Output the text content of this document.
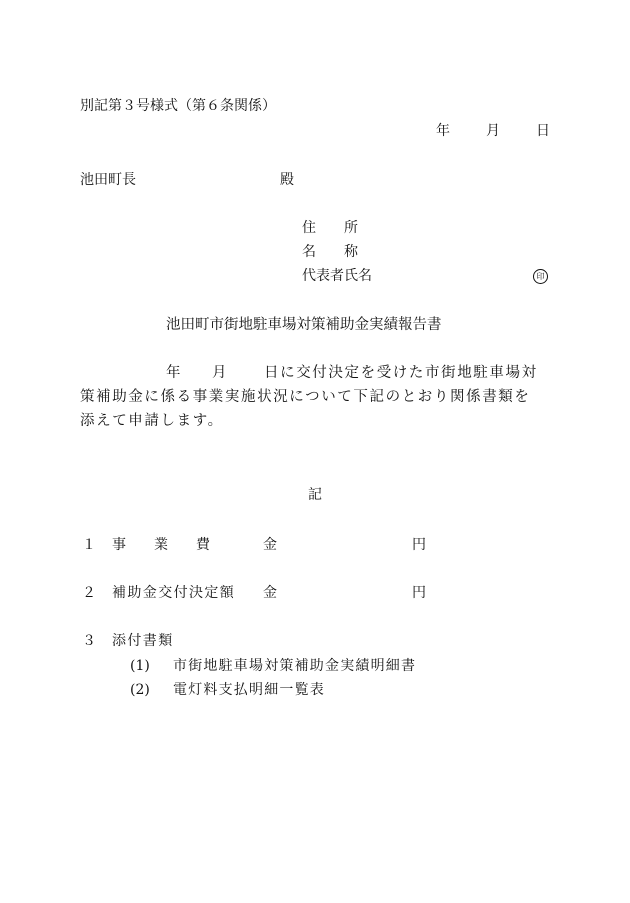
別記第３号様式（第６条関係）
年	月	日
池田町長	殿
住　　所
名　　称
代表者氏名	印
池田町市街地駐車場対策補助金実績報告書
年 月 日に交付決定を受けた市街地駐車場対
策補助金に係る事業実施状況について下記のとおり関係書類を
添えて申請します。
記
１ 事　　業　　費	金	円
２ 補助金交付決定額 金	円
３ 添付書類
(1) 市街地駐車場対策補助金実績明細書
(2) 電灯料支払明細一覧表
